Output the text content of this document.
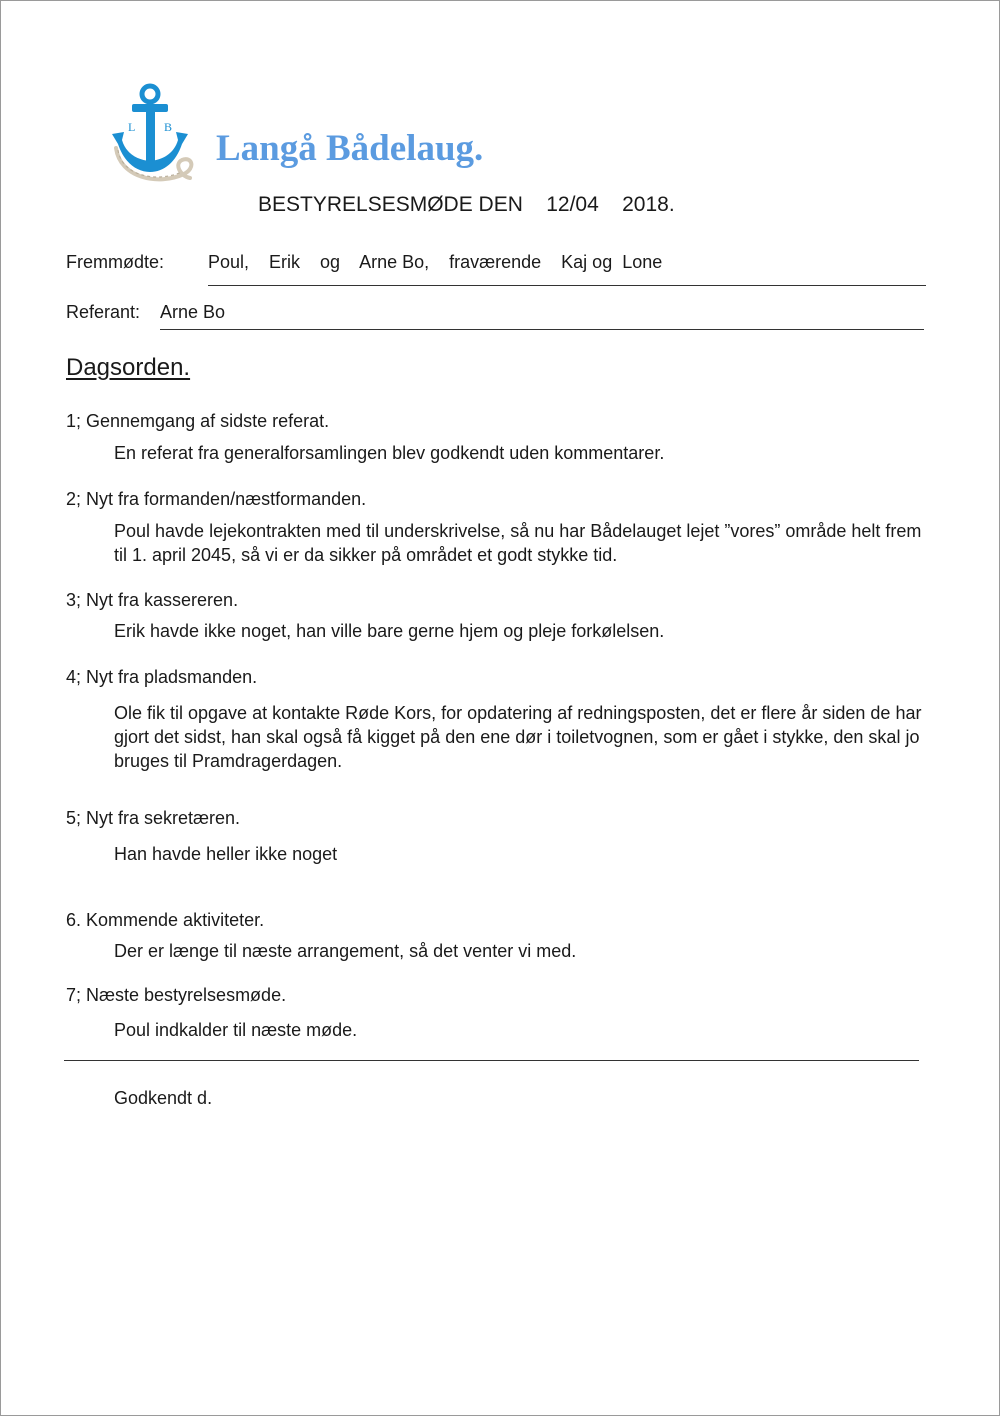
L B
Langå Bådelaug.
BESTYRELSESMØDE DEN    12/04    2018.
Fremmødte: Poul,    Erik    og    Arne Bo,    fraværende    Kaj og  Lone
Referant: Arne Bo
Dagsorden.
1; Gennemgang af sidste referat.
En referat fra generalforsamlingen blev godkendt uden kommentarer.
2; Nyt fra formanden/næstformanden.
Poul havde lejekontrakten med til underskrivelse, så nu har Bådelauget lejet ”vores” område helt frem til 1. april 2045, så vi er da sikker på området et godt stykke tid.
3; Nyt fra kassereren.
Erik havde ikke noget, han ville bare gerne hjem og pleje forkølelsen.
4; Nyt fra pladsmanden.
Ole fik til opgave at kontakte Røde Kors, for opdatering af redningsposten, det er flere år siden de har gjort det sidst, han skal også få kigget på den ene dør i toiletvognen, som er gået i stykke, den skal jo bruges til Pramdragerdagen.
5; Nyt fra sekretæren.
Han havde heller ikke noget
6. Kommende aktiviteter.
Der er længe til næste arrangement, så det venter vi med.
7; Næste bestyrelsesmøde.
Poul indkalder til næste møde.
Godkendt d.
